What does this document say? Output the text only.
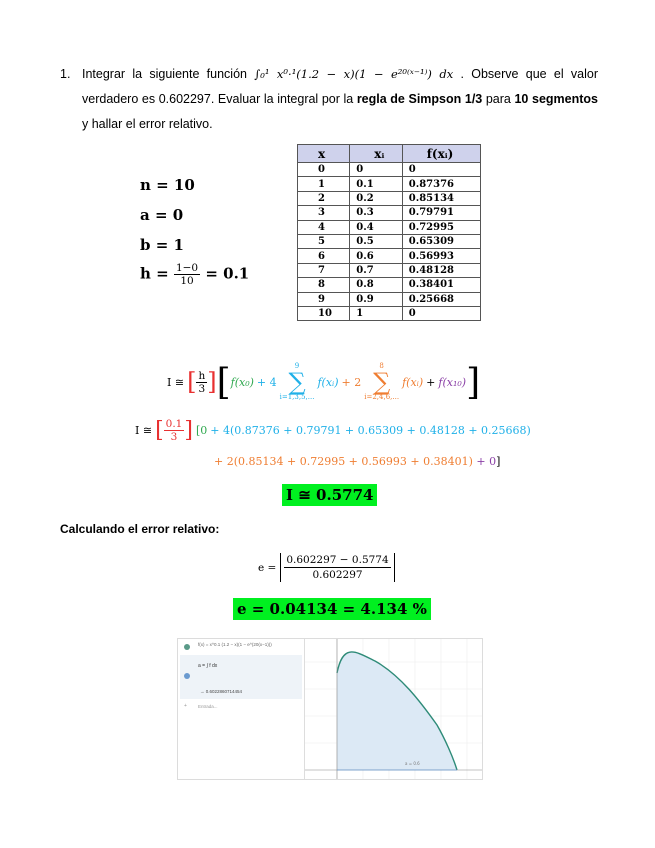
1. Integrar la siguiente función ∫₀¹ x⁰·¹(1.2 − x)(1 − e²⁰⁽ˣ⁻¹⁾) dx . Observe que el valor verdadero es 0.602297. Evaluar la integral por la regla de Simpson 1/3 para 10 segmentos y hallar el error relativo.
n = 10
a = 0
b = 1
$h = \frac{1-0}{10} = 0.1$
x	xᵢ	f(xᵢ)
0	0	0
1	0.1	0.87376
2	0.2	0.85134
3	0.3	0.79791
4	0.4	0.72995
5	0.5	0.65309
6	0.6	0.56993
7	0.7	0.48128
8	0.8	0.38401
9	0.9	0.25668
10	1	0
I ≅ [ $\frac{h}{3}$ ] [ f(x₀) + 4
9
∑
i=1,3,5,...
f(xᵢ) + 2
8
∑
i=2,4,6,...
f(xᵢ) + f(x₁₀) ]
I ≅ [ $\frac{0.1}{3}$ ] [0 + 4(0.87376 + 0.79791 + 0.65309 + 0.48128 + 0.25668)
+ 2(0.85134 + 0.72995 + 0.56993 + 0.38401) + 0]
I ≅ 0.5774
Calculando el error relativo:
$e = \frac{0.602297 - 0.5774}{0.602297}$
e = 0.04134 = 4.134 %
f(x) = x^0.1 (1.2 − x)(1 − e^(20(x−1)))
a = ∫ f dx
→ 0.6022860714454
+ Entrada...
a = 0.6
